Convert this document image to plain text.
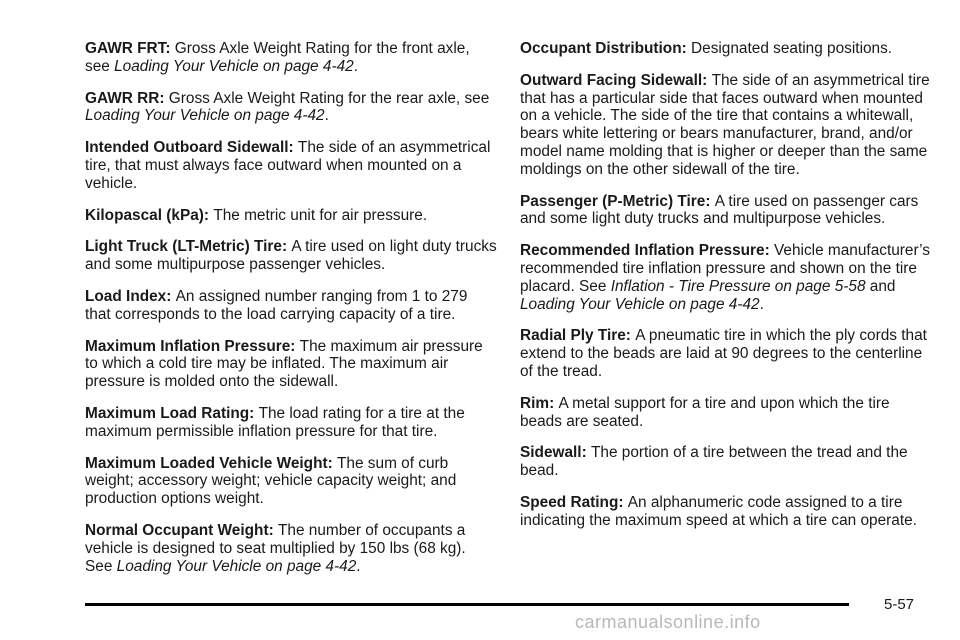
GAWR FRT: Gross Axle Weight Rating for the front axle, see Loading Your Vehicle on page 4-42.

GAWR RR: Gross Axle Weight Rating for the rear axle, see Loading Your Vehicle on page 4-42.

Intended Outboard Sidewall: The side of an asymmetrical tire, that must always face outward when mounted on a vehicle.

Kilopascal (kPa): The metric unit for air pressure.

Light Truck (LT-Metric) Tire: A tire used on light duty trucks and some multipurpose passenger vehicles.

Load Index: An assigned number ranging from 1 to 279 that corresponds to the load carrying capacity of a tire.

Maximum Inflation Pressure: The maximum air pressure to which a cold tire may be inflated. The maximum air pressure is molded onto the sidewall.

Maximum Load Rating: The load rating for a tire at the maximum permissible inflation pressure for that tire.

Maximum Loaded Vehicle Weight: The sum of curb weight; accessory weight; vehicle capacity weight; and production options weight.

Normal Occupant Weight: The number of occupants a vehicle is designed to seat multiplied by 150 lbs (68 kg). See Loading Your Vehicle on page 4-42.

Occupant Distribution: Designated seating positions.

Outward Facing Sidewall: The side of an asymmetrical tire that has a particular side that faces outward when mounted on a vehicle. The side of the tire that contains a whitewall, bears white lettering or bears manufacturer, brand, and/or model name molding that is higher or deeper than the same moldings on the other sidewall of the tire.

Passenger (P-Metric) Tire: A tire used on passenger cars and some light duty trucks and multipurpose vehicles.

Recommended Inflation Pressure: Vehicle manufacturer’s recommended tire inflation pressure and shown on the tire placard. See Inflation - Tire Pressure on page 5-58 and Loading Your Vehicle on page 4-42.

Radial Ply Tire: A pneumatic tire in which the ply cords that extend to the beads are laid at 90 degrees to the centerline of the tread.

Rim: A metal support for a tire and upon which the tire beads are seated.

Sidewall: The portion of a tire between the tread and the bead.

Speed Rating: An alphanumeric code assigned to a tire indicating the maximum speed at which a tire can operate.

5-57
carmanualsonline.info
